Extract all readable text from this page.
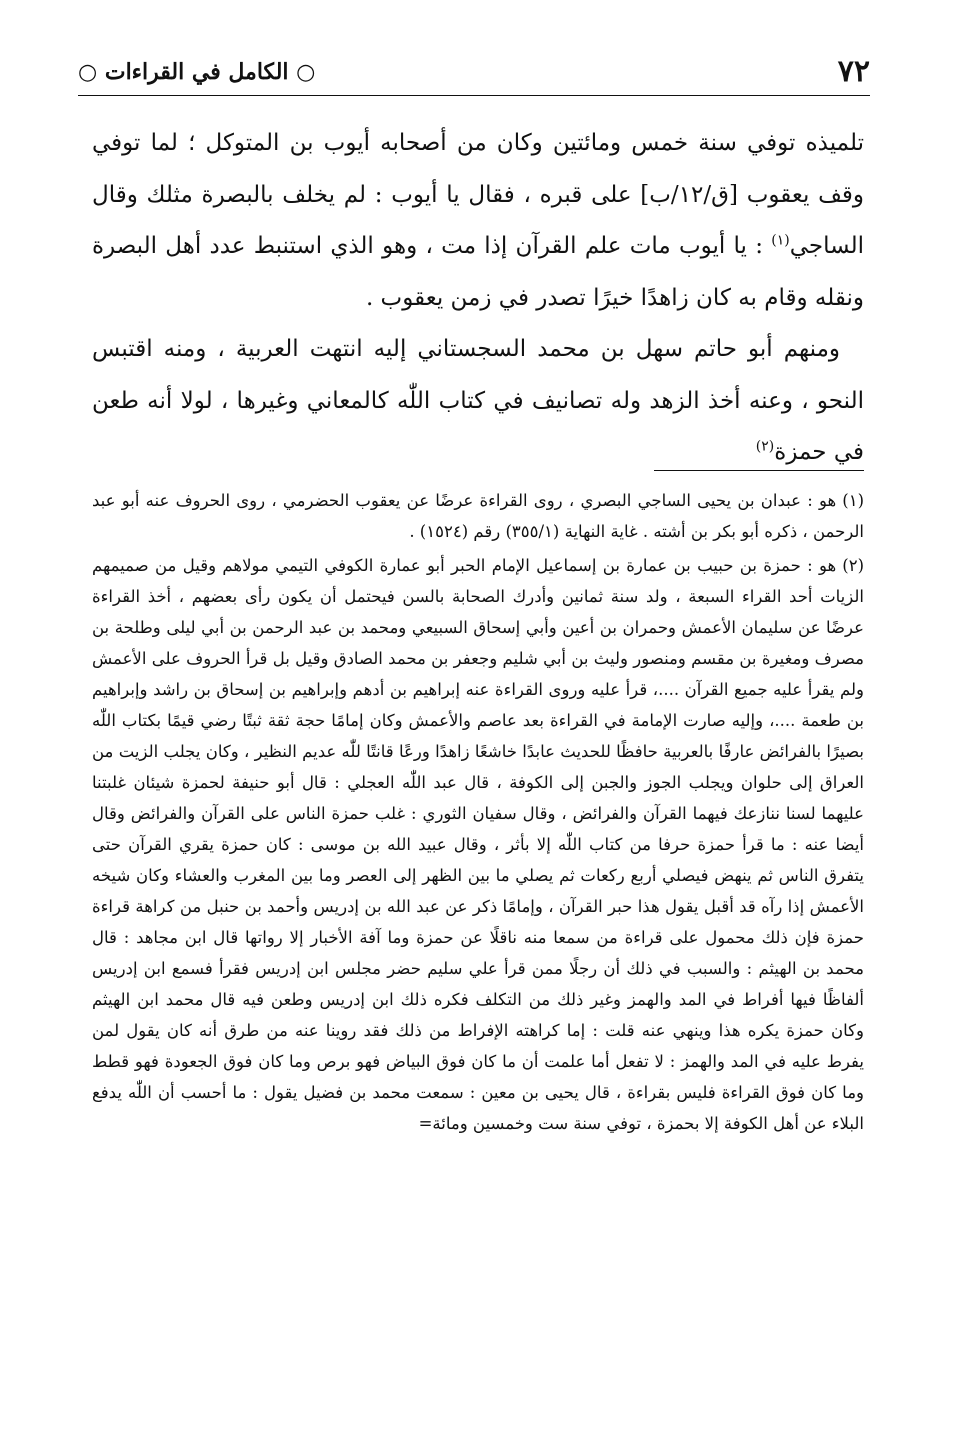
٧٢
○ الكامل في القراءات ○

تلميذه توفي سنة خمس ومائتين وكان من أصحابه أيوب بن المتوكل ؛ لما توفي وقف يعقوب [ق/١٢/ب] على قبره ، فقال يا أيوب : لم يخلف بالبصرة مثلك وقال الساجي$^{(١)}$ : يا أيوب مات علم القرآن إذا مت ، وهو الذي استنبط عدد أهل البصرة ونقله وقام به كان زاهدًا خيرًا تصدر في زمن يعقوب .

ومنهم أبو حاتم سهل بن محمد السجستاني إليه انتهت العربية ، ومنه اقتبس النحو ، وعنه أخذ الزهد وله تصانيف في كتاب اللّٰه كالمعاني وغيرها ، لولا أنه طعن في حمزة$^{(٢)}$

(١)هو : عبدان بن يحيى الساجي البصري ، روى القراءة عرضًا عن يعقوب الحضرمي ، روى الحروف عنه أبو عبد الرحمن ، ذكره أبو بكر بن أشته . غاية النهاية (٣٥٥/١) رقم (١٥٢٤) .

(٢)هو : حمزة بن حبيب بن عمارة بن إسماعيل الإمام الحبر أبو عمارة الكوفي التيمي مولاهم وقيل من صميمهم الزيات أحد القراء السبعة ، ولد سنة ثمانين وأدرك الصحابة بالسن فيحتمل أن يكون رأى بعضهم ، أخذ القراءة عرضًا عن سليمان الأعمش وحمران بن أعين وأبي إسحاق السبيعي ومحمد بن عبد الرحمن بن أبي ليلى وطلحة بن مصرف ومغيرة بن مقسم ومنصور وليث بن أبي شليم وجعفر بن محمد الصادق وقيل بل قرأ الحروف على الأعمش ولم يقرأ عليه جميع القرآن ....، قرأ عليه وروى القراءة عنه إبراهيم بن أدهم وإبراهيم بن إسحاق بن راشد وإبراهيم بن طعمة ....، وإليه صارت الإمامة في القراءة بعد عاصم والأعمش وكان إمامًا حجة ثقة ثبتًا رضي قيمًا بكتاب اللّٰه بصيرًا بالفرائض عارفًا بالعربية حافظًا للحديث عابدًا خاشعًا زاهدًا ورعًا قانتًا للّٰه عديم النظير ، وكان يجلب الزيت من العراق إلى حلوان ويجلب الجوز والجبن إلى الكوفة ، قال عبد اللّٰه العجلي : قال أبو حنيفة لحمزة شيئان غلبتنا عليهما لسنا ننازعك فيهما القرآن والفرائض ، وقال سفيان الثوري : غلب حمزة الناس على القرآن والفرائض وقال أيضا عنه : ما قرأ حمزة حرفا من كتاب اللّٰه إلا بأثر ، وقال عبيد الله بن موسى : كان حمزة يقري القرآن حتى يتفرق الناس ثم ينهض فيصلي أربع ركعات ثم يصلي ما بين الظهر إلى العصر وما بين المغرب والعشاء وكان شيخه الأعمش إذا رآه قد أقبل يقول هذا حبر القرآن ، وإمامًا ذكر عن عبد الله بن إدريس وأحمد بن حنبل من كراهة قراءة حمزة فإن ذلك محمول على قراءة من سمعا منه ناقلًا عن حمزة وما آفة الأخبار إلا رواتها قال ابن مجاهد : قال محمد بن الهيثم : والسبب في ذلك أن رجلًا ممن قرأ علي سليم حضر مجلس ابن إدريس فقرأ فسمع ابن إدريس ألفاظًا فيها أفراط في المد والهمز وغير ذلك من التكلف فكره ذلك ابن إدريس وطعن فيه قال محمد ابن الهيثم وكان حمزة يكره هذا وينهي عنه قلت : إما كراهته الإفراط من ذلك فقد روينا عنه من طرق أنه كان يقول لمن يفرط عليه في المد والهمز : لا تفعل أما علمت أن ما كان فوق البياض فهو برص وما كان فوق الجعودة فهو قطط وما كان فوق القراءة فليس بقراءة ، قال يحيى بن معين : سمعت محمد بن فضيل يقول : ما أحسب أن اللّٰه يدفع البلاء عن أهل الكوفة إلا بحمزة ، توفي سنة ست وخمسين ومائة=
